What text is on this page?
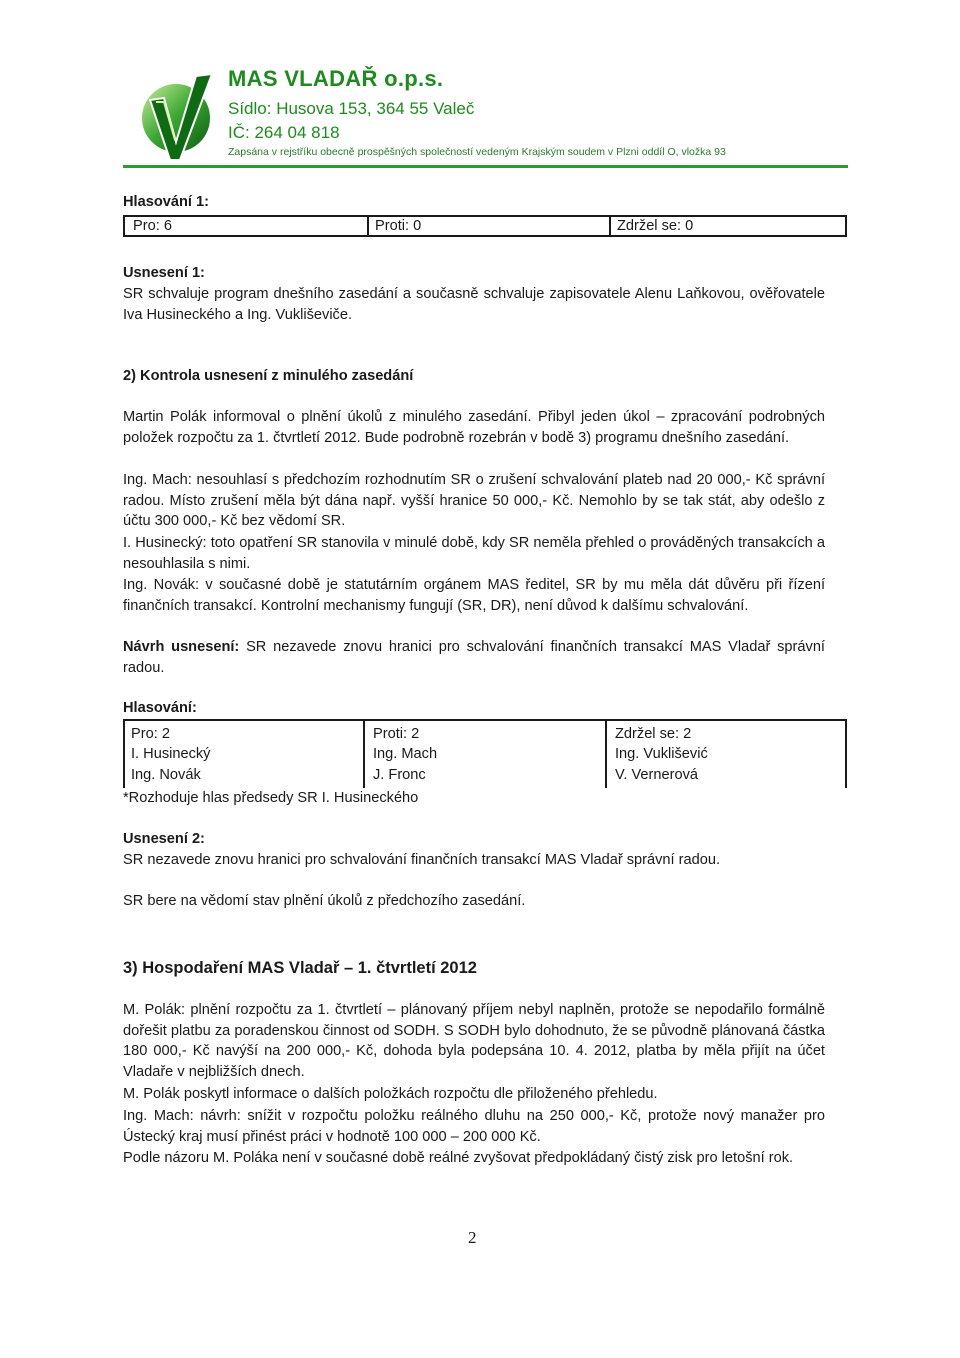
MAS VLADAŘ o.p.s.
Sídlo: Husova 153, 364 55 Valeč
IČ: 264 04 818
Zapsána v rejstříku obecně prospěšných společností vedeným Krajským soudem v Plzni oddíl O, vložka 93
Hlasování 1:
Pro: 6	Proti: 0	Zdržel se: 0
Usnesení 1:
SR schvaluje program dnešního zasedání a současně schvaluje zapisovatele Alenu Laňkovou, ověřovatele Iva Husineckého a Ing. Vukliševiče.
2) Kontrola usnesení z minulého zasedání
Martin Polák informoval o plnění úkolů z minulého zasedání. Přibyl jeden úkol – zpracování podrobných položek rozpočtu za 1. čtvrtletí 2012. Bude podrobně rozebrán v bodě 3) programu dnešního zasedání.
Ing. Mach: nesouhlasí s předchozím rozhodnutím SR o zrušení schvalování plateb nad 20 000,- Kč správní radou. Místo zrušení měla být dána např. vyšší hranice 50 000,- Kč. Nemohlo by se tak stát, aby odešlo z účtu 300 000,- Kč bez vědomí SR.
I. Husinecký: toto opatření SR stanovila v minulé době, kdy SR neměla přehled o prováděných transakcích a nesouhlasila s nimi.
Ing. Novák: v současné době je statutárním orgánem MAS ředitel, SR by mu měla dát důvěru při řízení finančních transakcí. Kontrolní mechanismy fungují (SR, DR), není důvod k dalšímu schvalování.
Návrh usnesení: SR nezavede znovu hranici pro schvalování finančních transakcí MAS Vladař správní radou.
Hlasování:
Pro: 2
I. Husinecký
Ing. Novák
Proti: 2
Ing. Mach
J. Fronc
Zdržel se: 2
Ing. Vuklišević
V. Vernerová
*Rozhoduje hlas předsedy SR I. Husineckého
Usnesení 2:
SR nezavede znovu hranici pro schvalování finančních transakcí MAS Vladař správní radou.
SR bere na vědomí stav plnění úkolů z předchozího zasedání.
3) Hospodaření MAS Vladař – 1. čtvrtletí 2012
M. Polák: plnění rozpočtu za 1. čtvrtletí – plánovaný příjem nebyl naplněn, protože se nepodařilo formálně dořešit platbu za poradenskou činnost od SODH. S SODH bylo dohodnuto, že se původně plánovaná částka 180 000,- Kč navýší na 200 000,- Kč, dohoda byla podepsána 10. 4. 2012, platba by měla přijít na účet Vladaře v nejbližších dnech.
M. Polák poskytl informace o dalších položkách rozpočtu dle přiloženého přehledu.
Ing. Mach: návrh: snížit v rozpočtu položku reálného dluhu na 250 000,- Kč, protože nový manažer pro Ústecký kraj musí přinést práci v hodnotě 100 000 – 200 000 Kč.
Podle názoru M. Poláka není v současné době reálné zvyšovat předpokládaný čistý zisk pro letošní rok.
2
